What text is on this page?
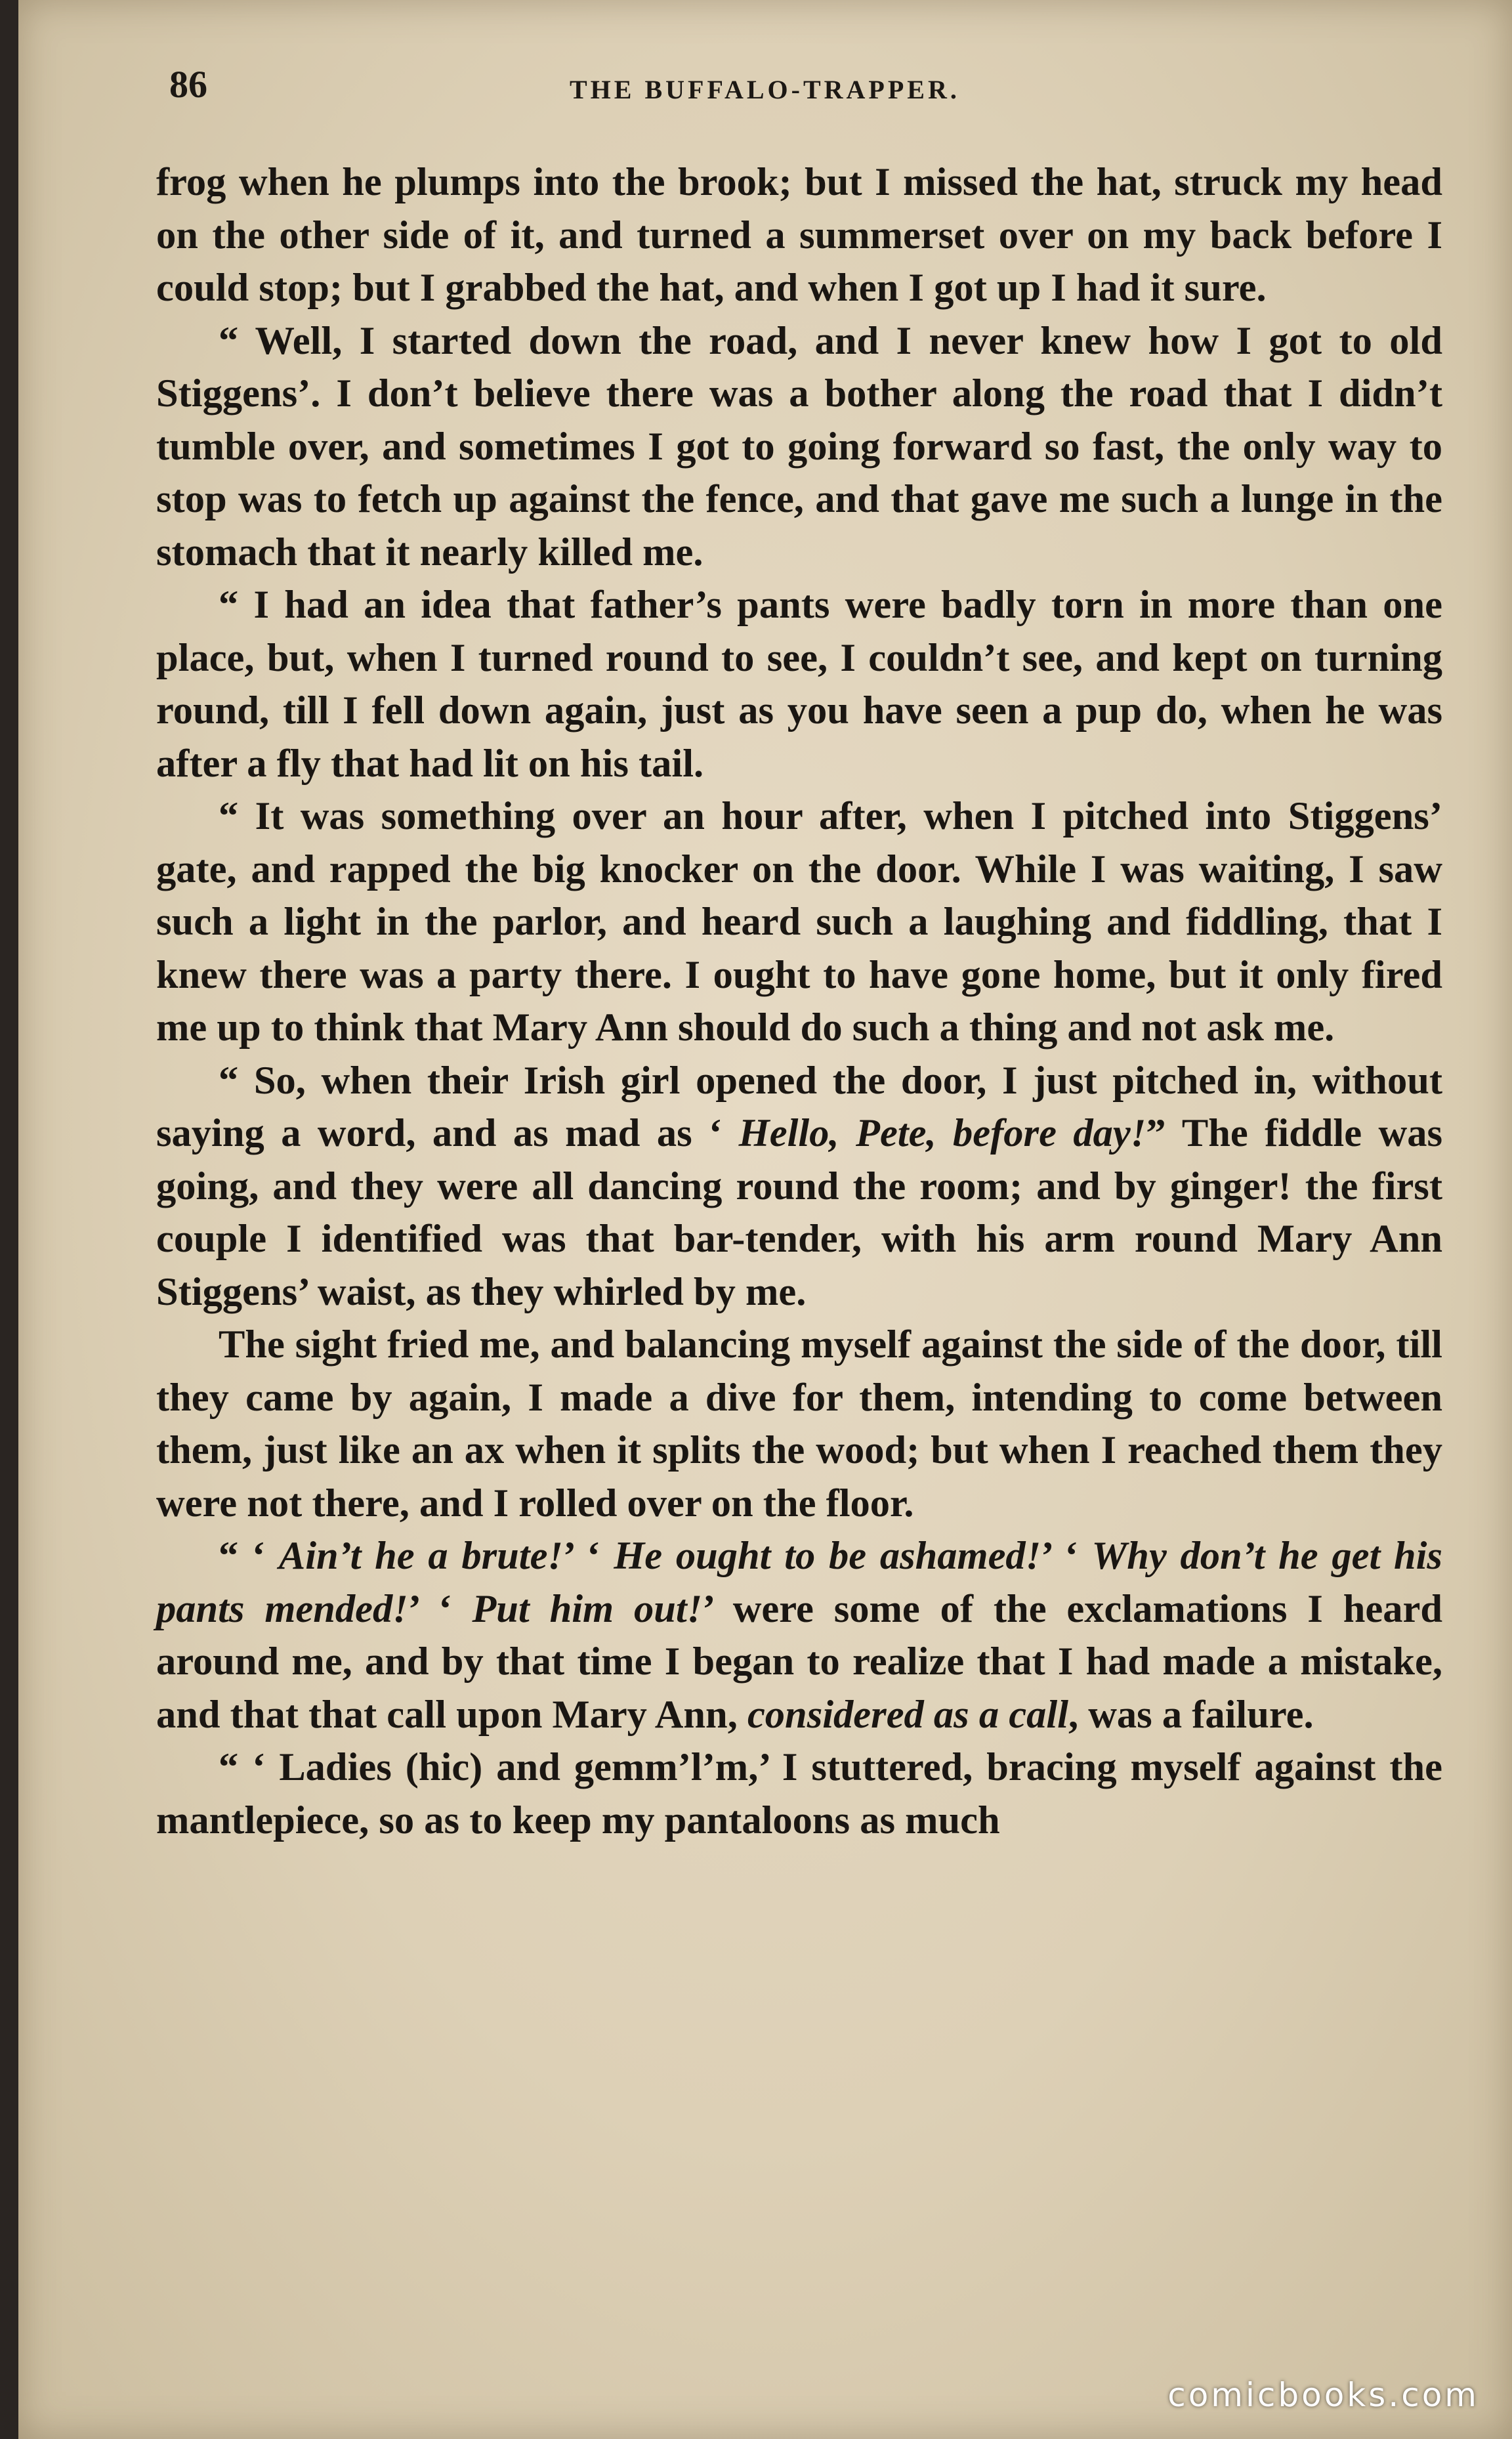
86	THE BUFFALO-TRAPPER.

frog when he plumps into the brook; but I missed the hat, struck my head on the other side of it, and turned a summerset over on my back before I could stop; but I grabbed the hat, and when I got up I had it sure.

“ Well, I started down the road, and I never knew how I got to old Stiggens’. I don’t believe there was a bother along the road that I didn’t tumble over, and sometimes I got to going forward so fast, the only way to stop was to fetch up against the fence, and that gave me such a lunge in the stomach that it nearly killed me.

“ I had an idea that father’s pants were badly torn in more than one place, but, when I turned round to see, I couldn’t see, and kept on turning round, till I fell down again, just as you have seen a pup do, when he was after a fly that had lit on his tail.

“ It was something over an hour after, when I pitched into Stiggens’ gate, and rapped the big knocker on the door. While I was waiting, I saw such a light in the parlor, and heard such a laughing and fiddling, that I knew there was a party there. I ought to have gone home, but it only fired me up to think that Mary Ann should do such a thing and not ask me.

“ So, when their Irish girl opened the door, I just pitched in, without saying a word, and as mad as ‘ Hello, Pete, before day!” The fiddle was going, and they were all dancing round the room; and by ginger! the first couple I identified was that bar-tender, with his arm round Mary Ann Stiggens’ waist, as they whirled by me.

The sight fried me, and balancing myself against the side of the door, till they came by again, I made a dive for them, intending to come between them, just like an ax when it splits the wood; but when I reached them they were not there, and I rolled over on the floor.

“ ‘ Ain’t he a brute!’ ‘ He ought to be ashamed!’ ‘ Why don’t he get his pants mended!’ ‘ Put him out!’ were some of the exclamations I heard around me, and by that time I began to realize that I had made a mistake, and that that call upon Mary Ann, considered as a call, was a failure.

“ ‘ Ladies (hic) and gemm’l’m,’ I stuttered, bracing myself against the mantlepiece, so as to keep my pantaloons as much

comicbooks.com
